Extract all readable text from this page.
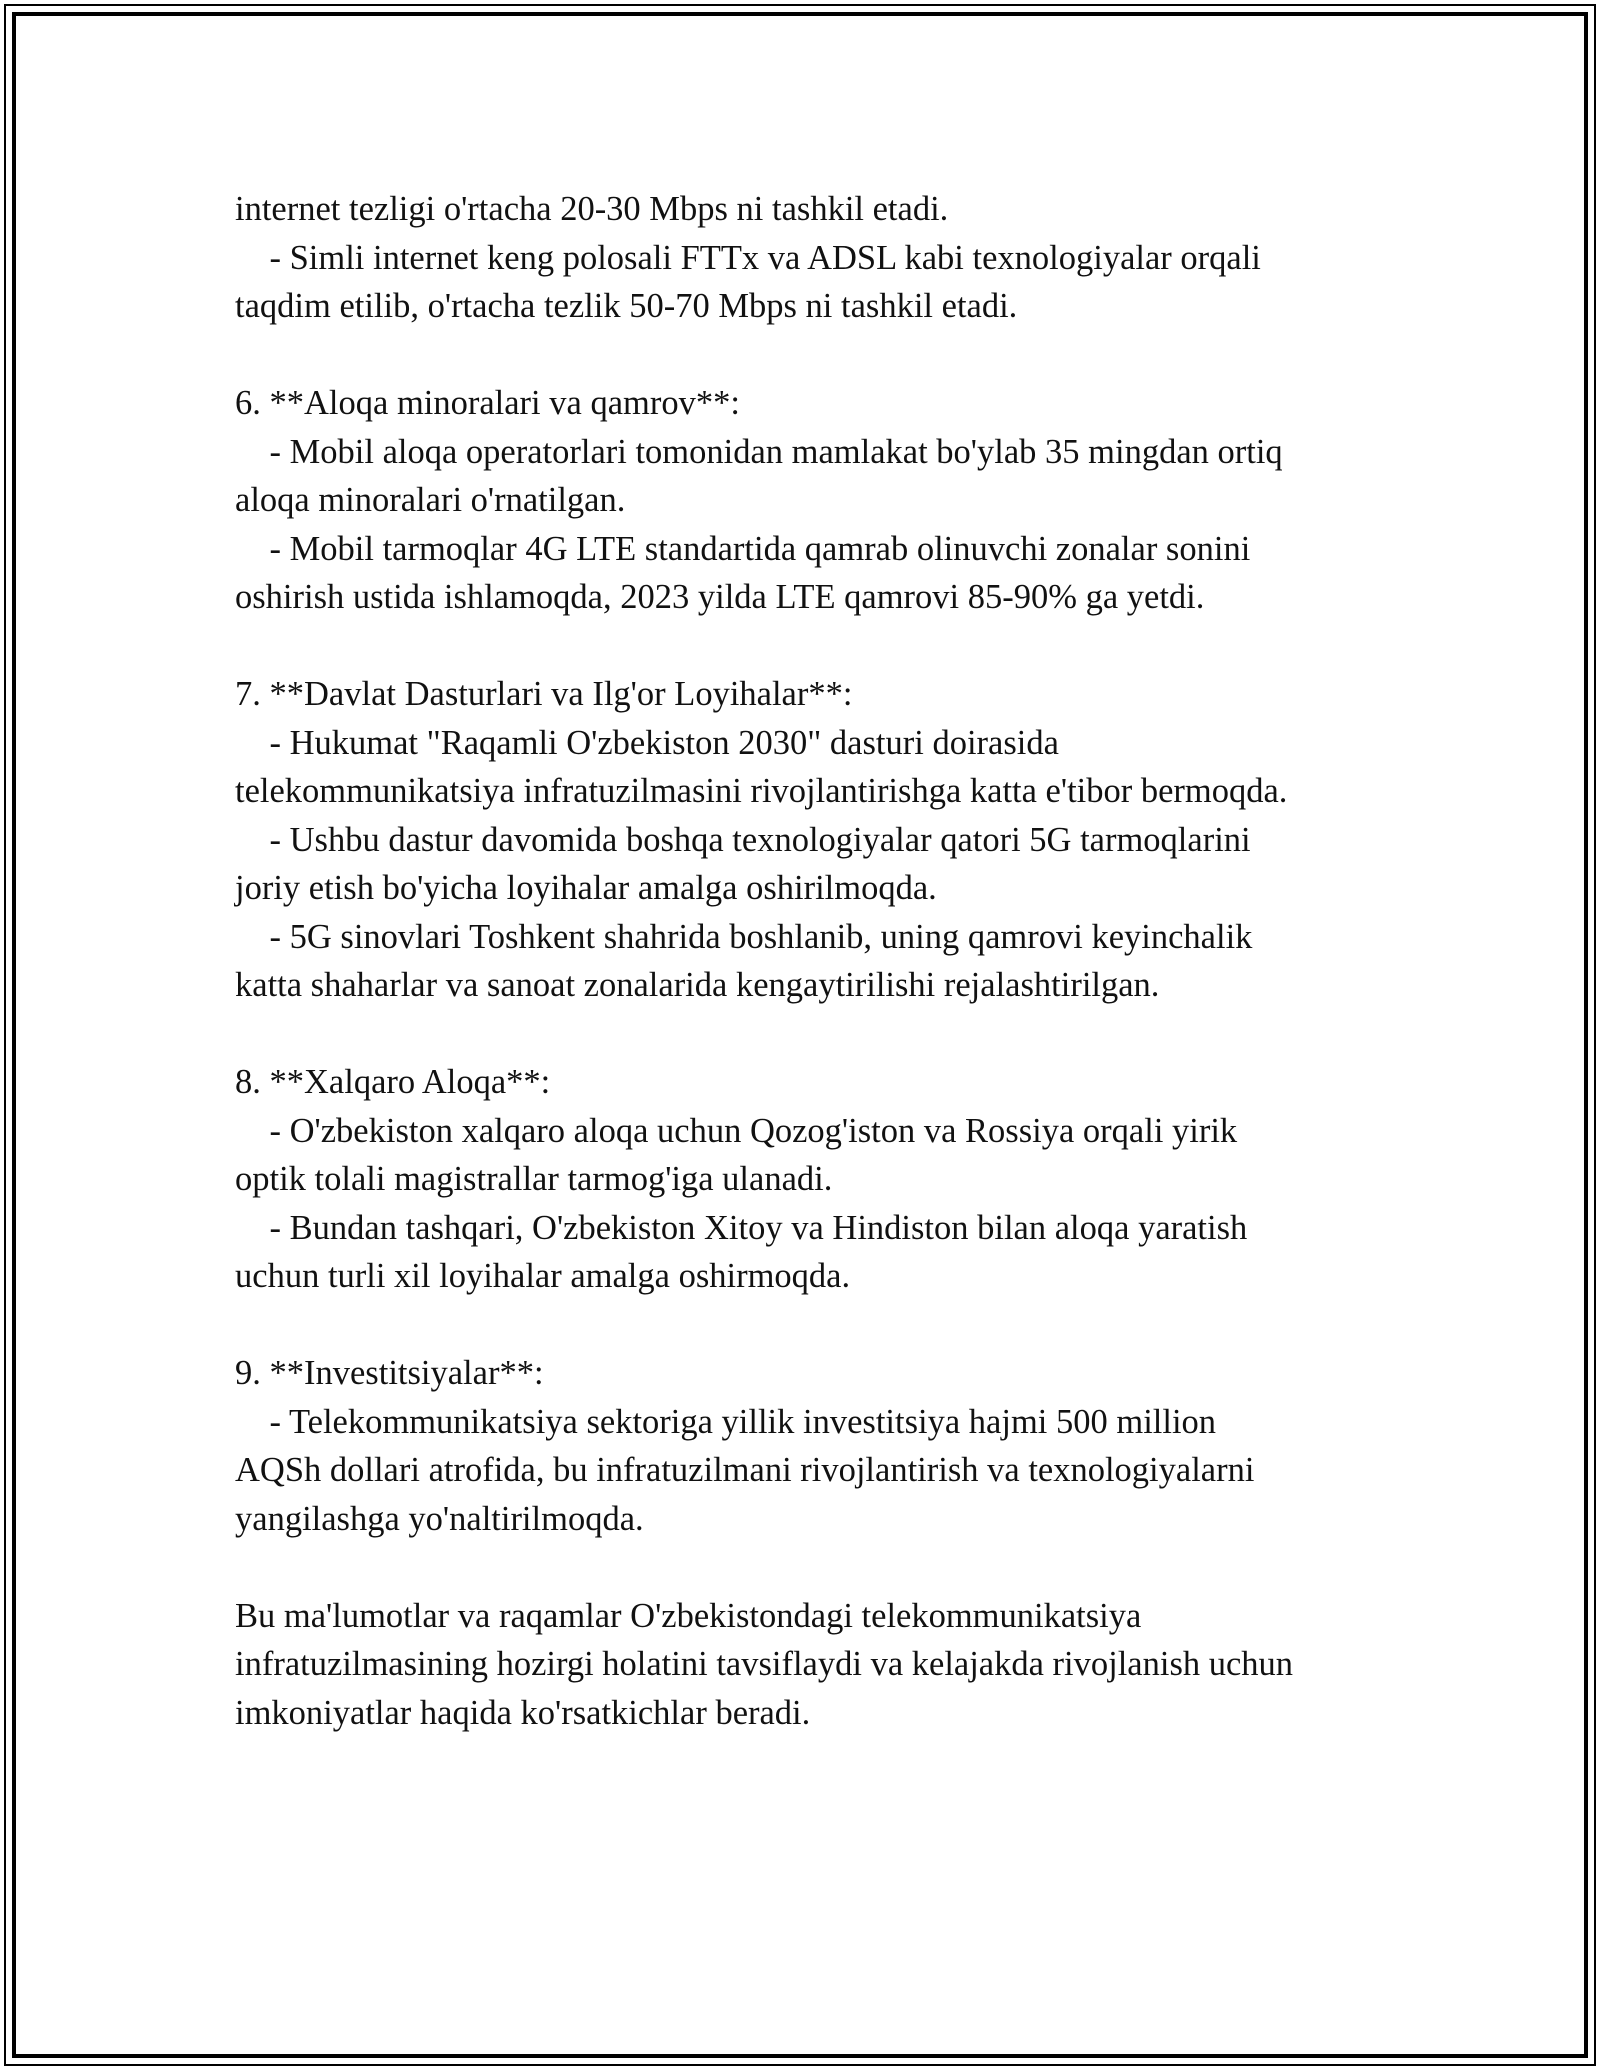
internet tezligi o'rtacha 20-30 Mbps ni tashkil etadi.
- Simli internet keng polosali FTTx va ADSL kabi texnologiyalar orqali
taqdim etilib, o'rtacha tezlik 50-70 Mbps ni tashkil etadi.

6. **Aloqa minoralari va qamrov**:
- Mobil aloqa operatorlari tomonidan mamlakat bo'ylab 35 mingdan ortiq
aloqa minoralari o'rnatilgan.
- Mobil tarmoqlar 4G LTE standartida qamrab olinuvchi zonalar sonini
oshirish ustida ishlamoqda, 2023 yilda LTE qamrovi 85-90% ga yetdi.

7. **Davlat Dasturlari va Ilg'or Loyihalar**:
- Hukumat "Raqamli O'zbekiston 2030" dasturi doirasida
telekommunikatsiya infratuzilmasini rivojlantirishga katta e'tibor bermoqda.
- Ushbu dastur davomida boshqa texnologiyalar qatori 5G tarmoqlarini
joriy etish bo'yicha loyihalar amalga oshirilmoqda.
- 5G sinovlari Toshkent shahrida boshlanib, uning qamrovi keyinchalik
katta shaharlar va sanoat zonalarida kengaytirilishi rejalashtirilgan.

8. **Xalqaro Aloqa**:
- O'zbekiston xalqaro aloqa uchun Qozog'iston va Rossiya orqali yirik
optik tolali magistrallar tarmog'iga ulanadi.
- Bundan tashqari, O'zbekiston Xitoy va Hindiston bilan aloqa yaratish
uchun turli xil loyihalar amalga oshirmoqda.

9. **Investitsiyalar**:
- Telekommunikatsiya sektoriga yillik investitsiya hajmi 500 million
AQSh dollari atrofida, bu infratuzilmani rivojlantirish va texnologiyalarni
yangilashga yo'naltirilmoqda.

Bu ma'lumotlar va raqamlar O'zbekistondagi telekommunikatsiya
infratuzilmasining hozirgi holatini tavsiflaydi va kelajakda rivojlanish uchun
imkoniyatlar haqida ko'rsatkichlar beradi.
